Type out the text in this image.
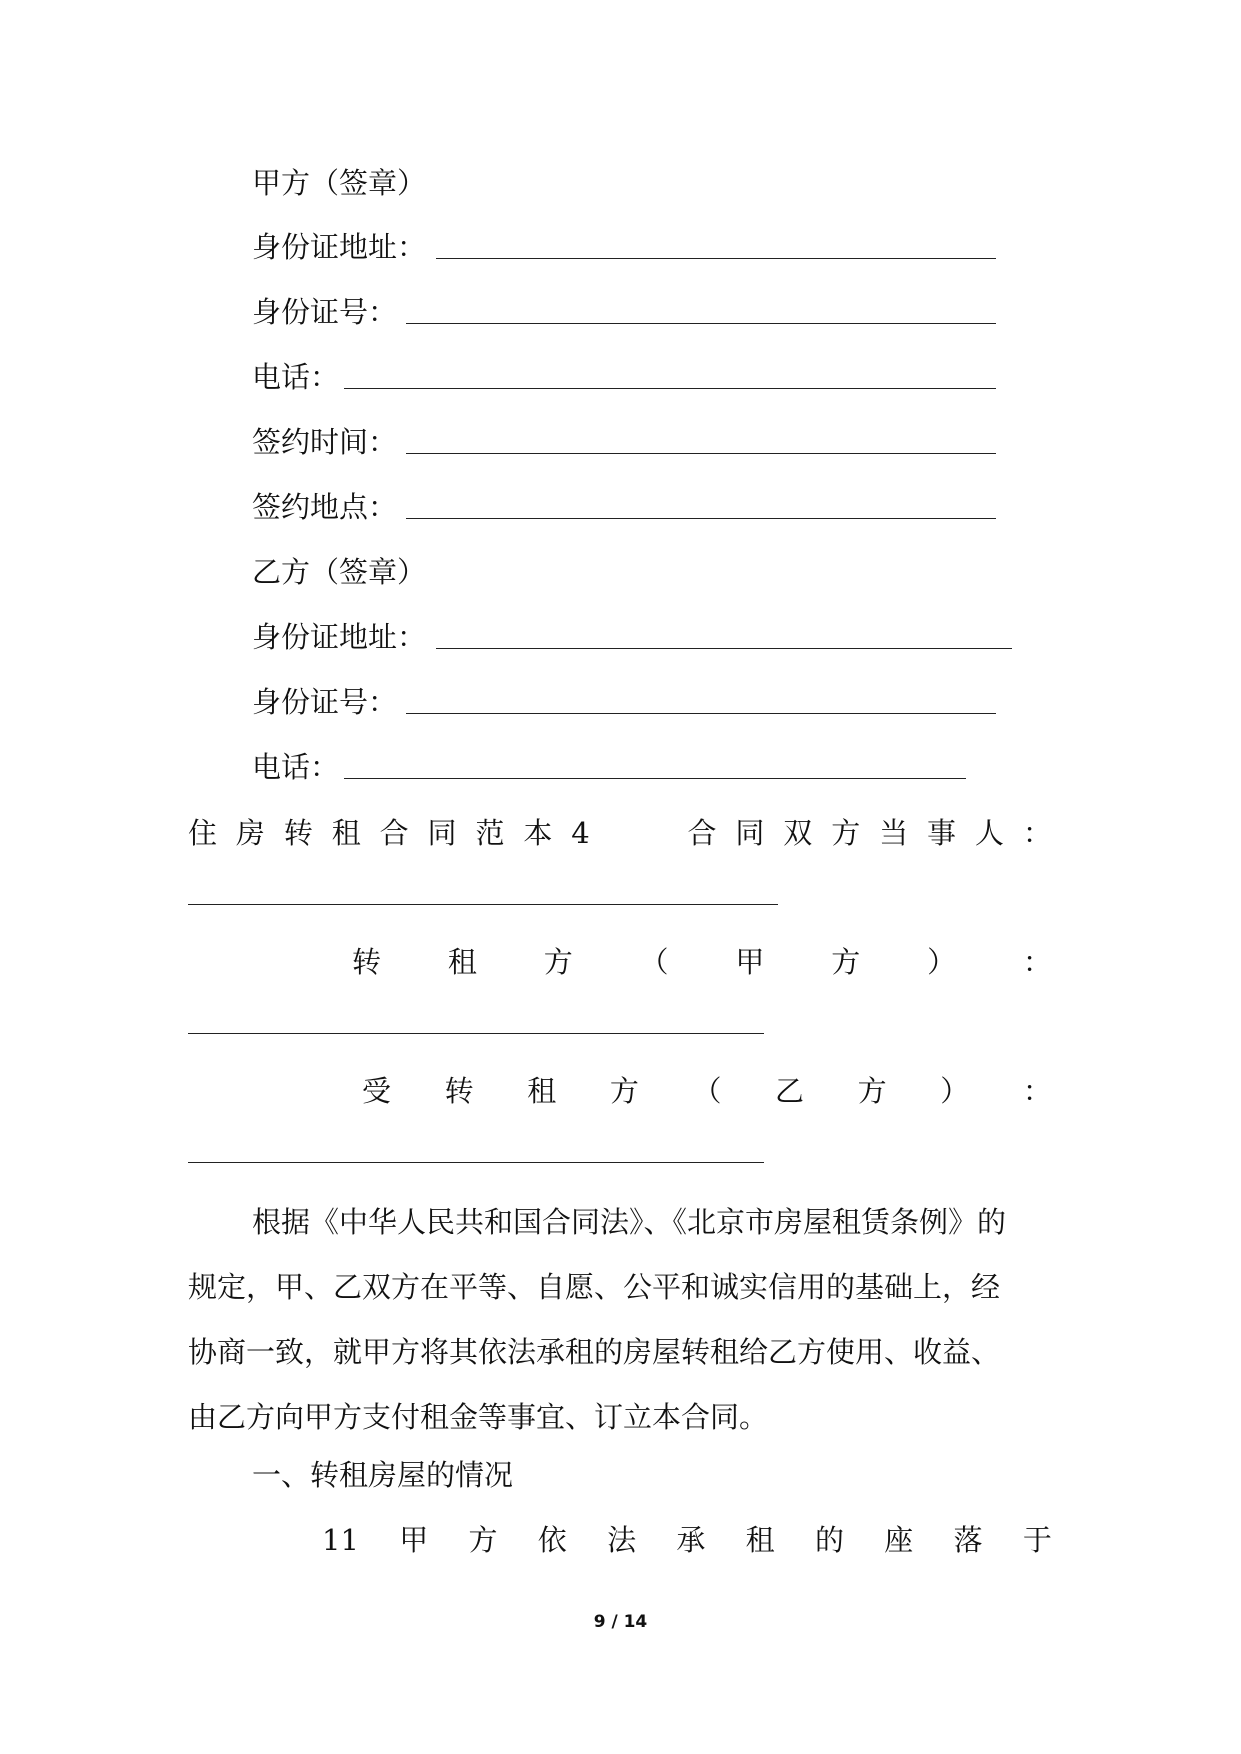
甲方（签章）
身份证地址：
身份证号：
电话：
签约时间：
签约地点：
乙方（签章）
身份证地址：
身份证号：
电话：
住 房 转 租 合 同 范 本 4	合 同 双 方 当 事 人 ：
转 租 方 （ 甲 方 ） ：
受 转 租 方 （ 乙 方 ） ：

根据《中华人民共和国合同法》、《北京市房屋租赁条例》的

规定，甲、乙双方在平等、自愿、公平和诚实信用的基础上，经

协商一致，就甲方将其依法承租的房屋转租给乙方使用、收益、

由乙方向甲方支付租金等事宜、订立本合同。

一、转租房屋的情况
11 甲 方 依 法 承 租 的 座 落 于
9 / 14
